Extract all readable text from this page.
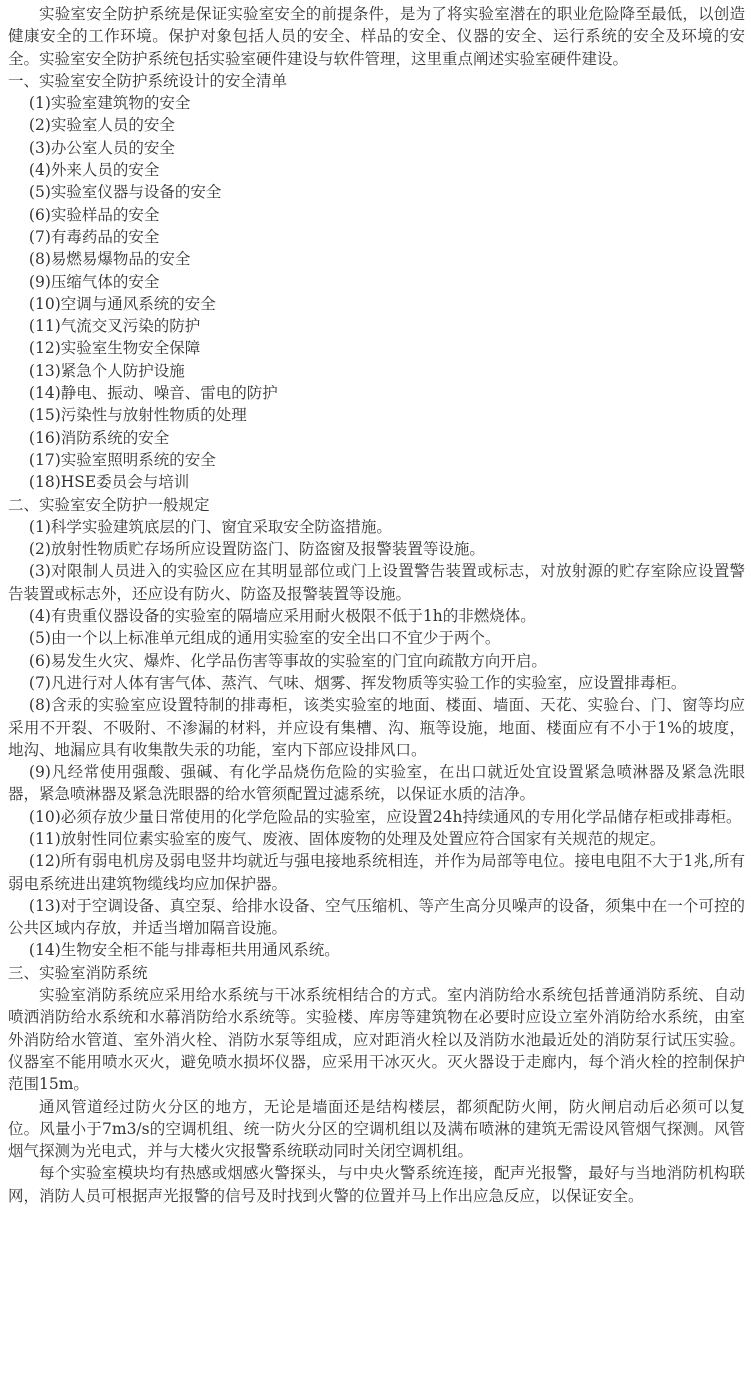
实验室安全防护系统是保证实验室安全的前提条件，是为了将实验室潜在的职业危险降至最低，以创造健康安全的工作环境。保护对象包括人员的安全、样品的安全、仪器的安全、运行系统的安全及环境的安全。实验室安全防护系统包括实验室硬件建设与软件管理，这里重点阐述实验室硬件建设。

一、实验室安全防护系统设计的安全清单

(1)实验室建筑物的安全

(2)实验室人员的安全

(3)办公室人员的安全

(4)外来人员的安全

(5)实验室仪器与设备的安全

(6)实验样品的安全

(7)有毒药品的安全

(8)易燃易爆物品的安全

(9)压缩气体的安全

(10)空调与通风系统的安全

(11)气流交叉污染的防护

(12)实验室生物安全保障

(13)紧急个人防护设施

(14)静电、振动、噪音、雷电的防护

(15)污染性与放射性物质的处理

(16)消防系统的安全

(17)实验室照明系统的安全

(18)HSE委员会与培训

二、实验室安全防护一般规定

(1)科学实验建筑底层的门、窗宜采取安全防盗措施。

(2)放射性物质贮存场所应设置防盗门、防盗窗及报警装置等设施。

(3)对限制人员进入的实验区应在其明显部位或门上设置警告装置或标志，对放射源的贮存室除应设置警告装置或标志外，还应设有防火、防盗及报警装置等设施。

(4)有贵重仪器设备的实验室的隔墙应采用耐火极限不低于1h的非燃烧体。

(5)由一个以上标准单元组成的通用实验室的安全出口不宜少于两个。

(6)易发生火灾、爆炸、化学品伤害等事故的实验室的门宜向疏散方向开启。

(7)凡进行对人体有害气体、蒸汽、气味、烟雾、挥发物质等实验工作的实验室，应设置排毒柜。

(8)含汞的实验室应设置特制的排毒柜，该类实验室的地面、楼面、墙面、天花、实验台、门、窗等均应采用不开裂、不吸附、不渗漏的材料，并应设有集槽、沟、瓶等设施，地面、楼面应有不小于1%的坡度，地沟、地漏应具有收集散失汞的功能，室内下部应设排风口。

(9)凡经常使用强酸、强碱、有化学品烧伤危险的实验室，在出口就近处宜设置紧急喷淋器及紧急洗眼器，紧急喷淋器及紧急洗眼器的给水管须配置过滤系统，以保证水质的洁净。

(10)必须存放少量日常使用的化学危险品的实验室，应设置24h持续通风的专用化学品储存柜或排毒柜。

(11)放射性同位素实验室的废气、废液、固体废物的处理及处置应符合国家有关规范的规定。

(12)所有弱电机房及弱电竖井均就近与强电接地系统相连，并作为局部等电位。接电电阻不大于1兆,所有弱电系统进出建筑物缆线均应加保护器。

(13)对于空调设备、真空泵、给排水设备、空气压缩机、等产生高分贝噪声的设备，须集中在一个可控的公共区域内存放，并适当增加隔音设施。

(14)生物安全柜不能与排毒柜共用通风系统。

三、实验室消防系统

实验室消防系统应采用给水系统与干冰系统相结合的方式。室内消防给水系统包括普通消防系统、自动喷洒消防给水系统和水幕消防给水系统等。实验楼、库房等建筑物在必要时应设立室外消防给水系统，由室外消防给水管道、室外消火栓、消防水泵等组成，应对距消火栓以及消防水池最近处的消防泵行试压实验。仪器室不能用喷水灭火，避免喷水损坏仪器，应采用干冰灭火。灭火器设于走廊内，每个消火栓的控制保护范围15m。

通风管道经过防火分区的地方，无论是墙面还是结构楼层，都须配防火闸，防火闸启动后必须可以复位。风量小于7m3/s的空调机组、统一防火分区的空调机组以及满布喷淋的建筑无需设风管烟气探测。风管烟气探测为光电式，并与大楼火灾报警系统联动同时关闭空调机组。

每个实验室模块均有热感或烟感火警探头，与中央火警系统连接，配声光报警，最好与当地消防机构联网，消防人员可根据声光报警的信号及时找到火警的位置并马上作出应急反应，以保证安全。
